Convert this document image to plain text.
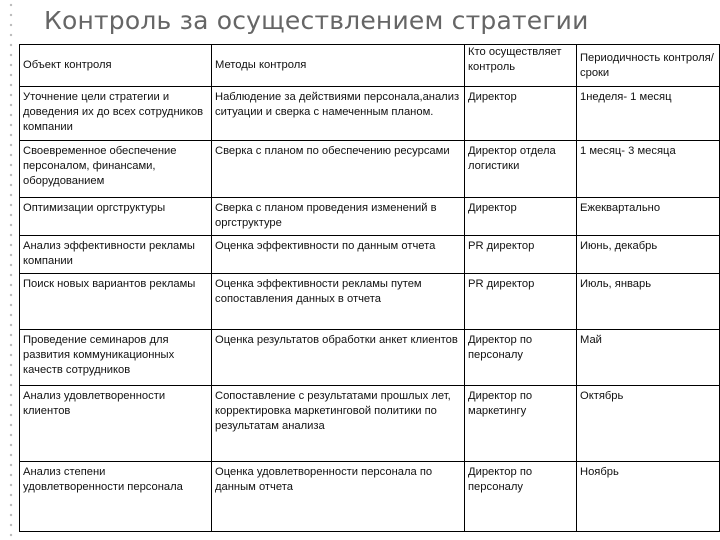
Контроль за осуществлением стратегии
Объект контроля	Методы контроля	Кто осуществляет контроль	Периодичность контроля/сроки
Уточнение цели стратегии и доведения их до всех сотрудников компании	Наблюдение за действиями персонала,анализ ситуации и сверка с намеченным планом.	Директор	1неделя- 1 месяц
Своевременное обеспечение персоналом, финансами, оборудованием	Сверка с планом по обеспечению ресурсами	Директор отдела логистики	1 месяц- 3 месяца
Оптимизации оргструктуры	Сверка с планом проведения изменений в оргструктуре	Директор	Ежеквартально
Анализ эффективности рекламы компании	Оценка эффективности по данным отчета	PR директор	Июнь, декабрь
Поиск новых вариантов рекламы	Оценка эффективности рекламы путем сопоставления данных в отчета	PR директор	Июль, январь
Проведение семинаров для развития коммуникационных качеств сотрудников	Оценка результатов обработки анкет клиентов	Директор по персоналу	Май
Анализ удовлетворенности клиентов	Сопоставление с результатами прошлых лет, корректировка маркетинговой политики по результатам анализа	Директор по маркетингу	Октябрь
Анализ степени удовлетворенности персонала	Оценка удовлетворенности персонала по данным отчета	Директор по персоналу	Ноябрь
